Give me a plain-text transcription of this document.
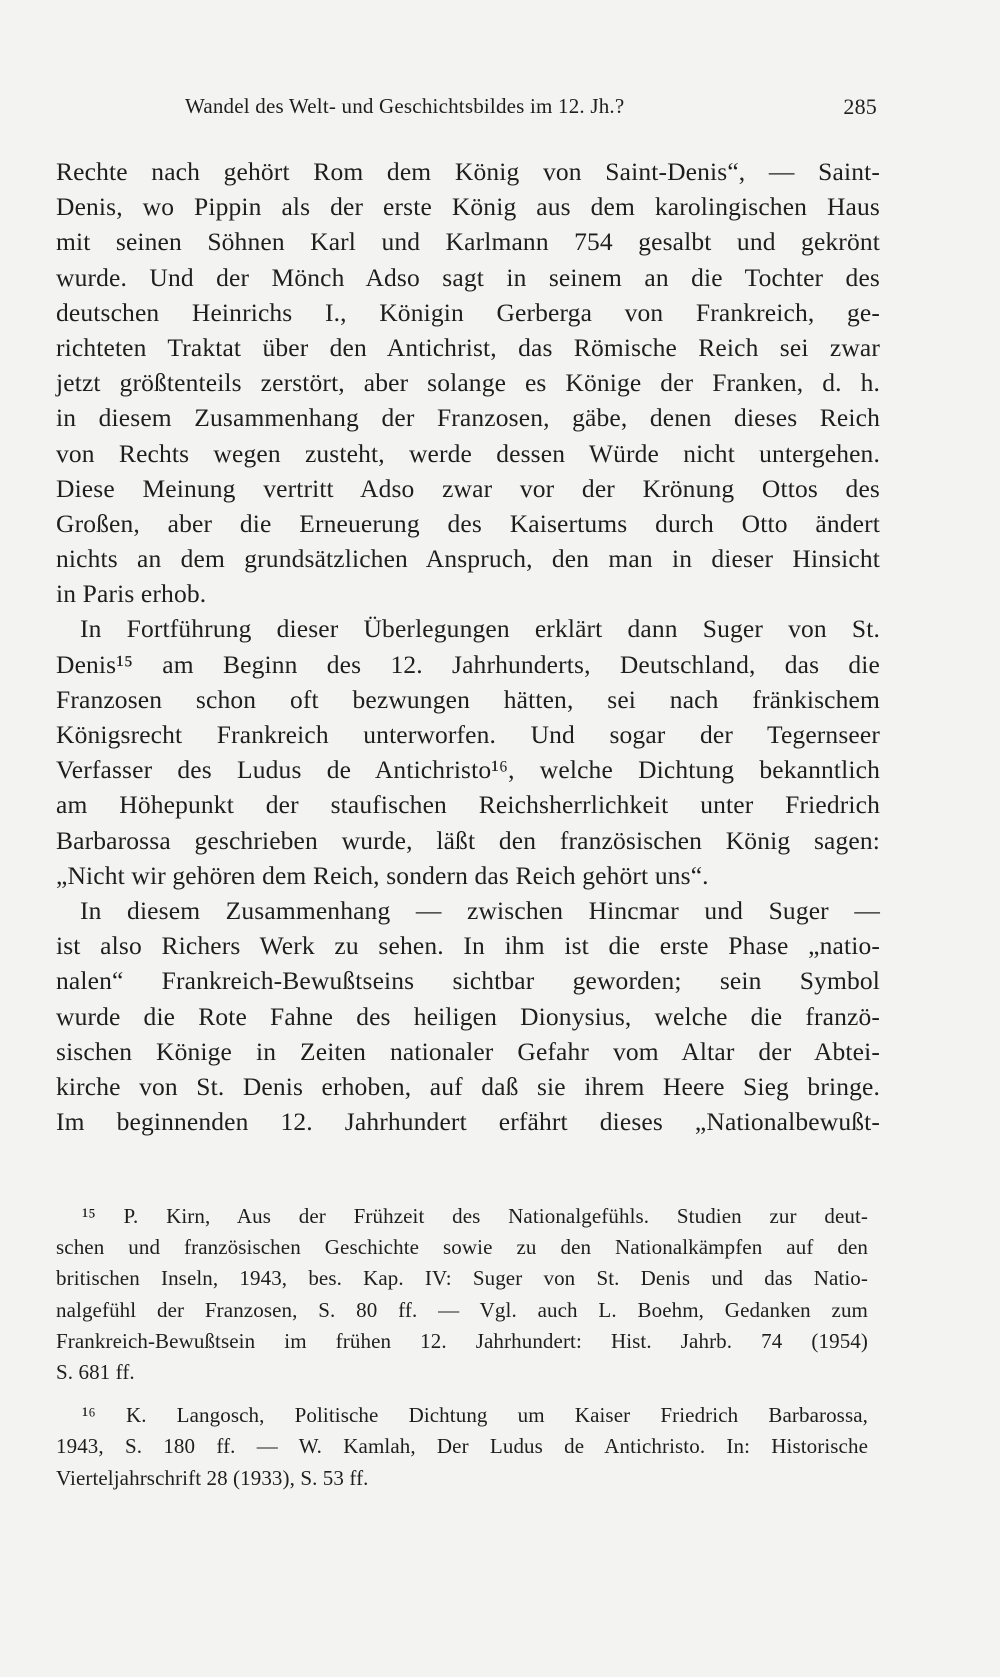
Wandel des Welt- und Geschichtsbildes im 12. Jh.?	285
Rechte nach gehört Rom dem König von Saint-Denis“, — Saint-
Denis, wo Pippin als der erste König aus dem karolingischen Haus
mit seinen Söhnen Karl und Karlmann 754 gesalbt und gekrönt
wurde. Und der Mönch Adso sagt in seinem an die Tochter des
deutschen Heinrichs I., Königin Gerberga von Frankreich, ge-
richteten Traktat über den Antichrist, das Römische Reich sei zwar
jetzt größtenteils zerstört, aber solange es Könige der Franken, d. h.
in diesem Zusammenhang der Franzosen, gäbe, denen dieses Reich
von Rechts wegen zusteht, werde dessen Würde nicht untergehen.
Diese Meinung vertritt Adso zwar vor der Krönung Ottos des
Großen, aber die Erneuerung des Kaisertums durch Otto ändert
nichts an dem grundsätzlichen Anspruch, den man in dieser Hinsicht
in Paris erhob.
In Fortführung dieser Überlegungen erklärt dann Suger von St.
Denis¹⁵ am Beginn des 12. Jahrhunderts, Deutschland, das die
Franzosen schon oft bezwungen hätten, sei nach fränkischem
Königsrecht Frankreich unterworfen. Und sogar der Tegernseer
Verfasser des Ludus de Antichristo¹⁶, welche Dichtung bekanntlich
am Höhepunkt der staufischen Reichsherrlichkeit unter Friedrich
Barbarossa geschrieben wurde, läßt den französischen König sagen:
„Nicht wir gehören dem Reich, sondern das Reich gehört uns“.
In diesem Zusammenhang — zwischen Hincmar und Suger —
ist also Richers Werk zu sehen. In ihm ist die erste Phase „natio-
nalen“ Frankreich-Bewußtseins sichtbar geworden; sein Symbol
wurde die Rote Fahne des heiligen Dionysius, welche die franzö-
sischen Könige in Zeiten nationaler Gefahr vom Altar der Abtei-
kirche von St. Denis erhoben, auf daß sie ihrem Heere Sieg bringe.
Im beginnenden 12. Jahrhundert erfährt dieses „Nationalbewußt-
¹⁵ P. Kirn, Aus der Frühzeit des Nationalgefühls. Studien zur deut-
schen und französischen Geschichte sowie zu den Nationalkämpfen auf den
britischen Inseln, 1943, bes. Kap. IV: Suger von St. Denis und das Natio-
nalgefühl der Franzosen, S. 80 ff. — Vgl. auch L. Boehm, Gedanken zum
Frankreich-Bewußtsein im frühen 12. Jahrhundert: Hist. Jahrb. 74 (1954)
S. 681 ff.
¹⁶ K. Langosch, Politische Dichtung um Kaiser Friedrich Barbarossa,
1943, S. 180 ff. — W. Kamlah, Der Ludus de Antichristo. In: Historische
Vierteljahrschrift 28 (1933), S. 53 ff.
